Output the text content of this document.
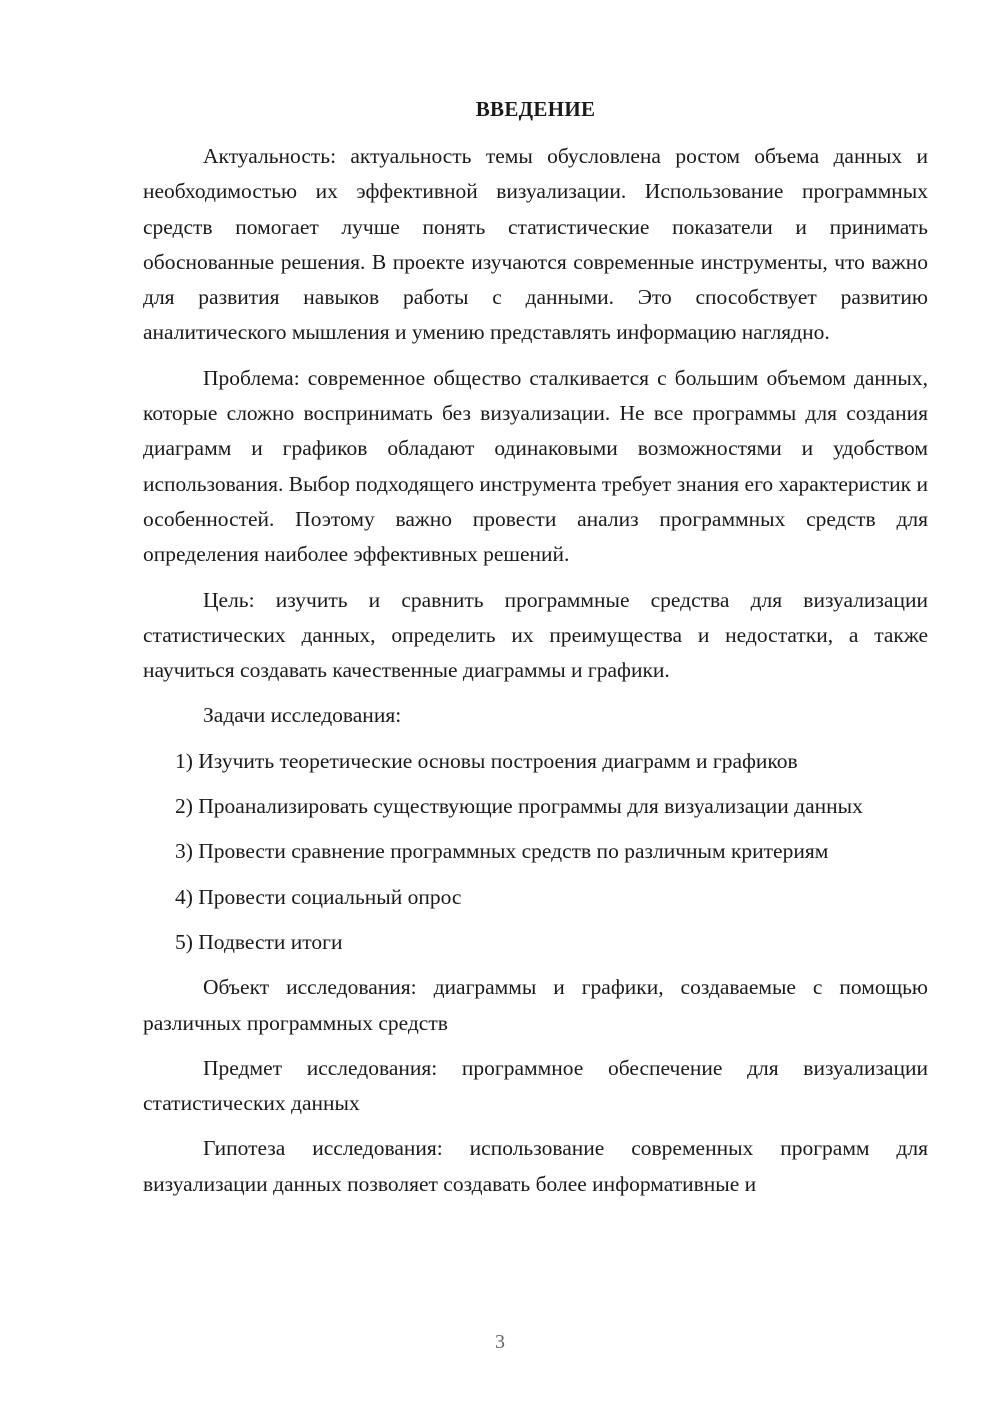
ВВЕДЕНИЕ

Актуальность: актуальность темы обусловлена ростом объема данных и необходимостью их эффективной визуализации. Использование программных средств помогает лучше понять статистические показатели и принимать обоснованные решения. В проекте изучаются современные инструменты, что важно для развития навыков работы с данными. Это способствует развитию аналитического мышления и умению представлять информацию наглядно.

Проблема: современное общество сталкивается с большим объемом данных, которые сложно воспринимать без визуализации. Не все программы для создания диаграмм и графиков обладают одинаковыми возможностями и удобством использования. Выбор подходящего инструмента требует знания его характеристик и особенностей. Поэтому важно провести анализ программных средств для определения наиболее эффективных решений.

Цель: изучить и сравнить программные средства для визуализации статистических данных, определить их преимущества и недостатки, а также научиться создавать качественные диаграммы и графики.

Задачи исследования:

1) Изучить теоретические основы построения диаграмм и графиков

2) Проанализировать существующие программы для визуализации данных

3) Провести сравнение программных средств по различным критериям

4) Провести социальный опрос

5) Подвести итоги

Объект исследования: диаграммы и графики, создаваемые с помощью различных программных средств

Предмет исследования: программное обеспечение для визуализации статистических данных

Гипотеза исследования: использование современных программ для визуализации данных позволяет создавать более информативные и

3
